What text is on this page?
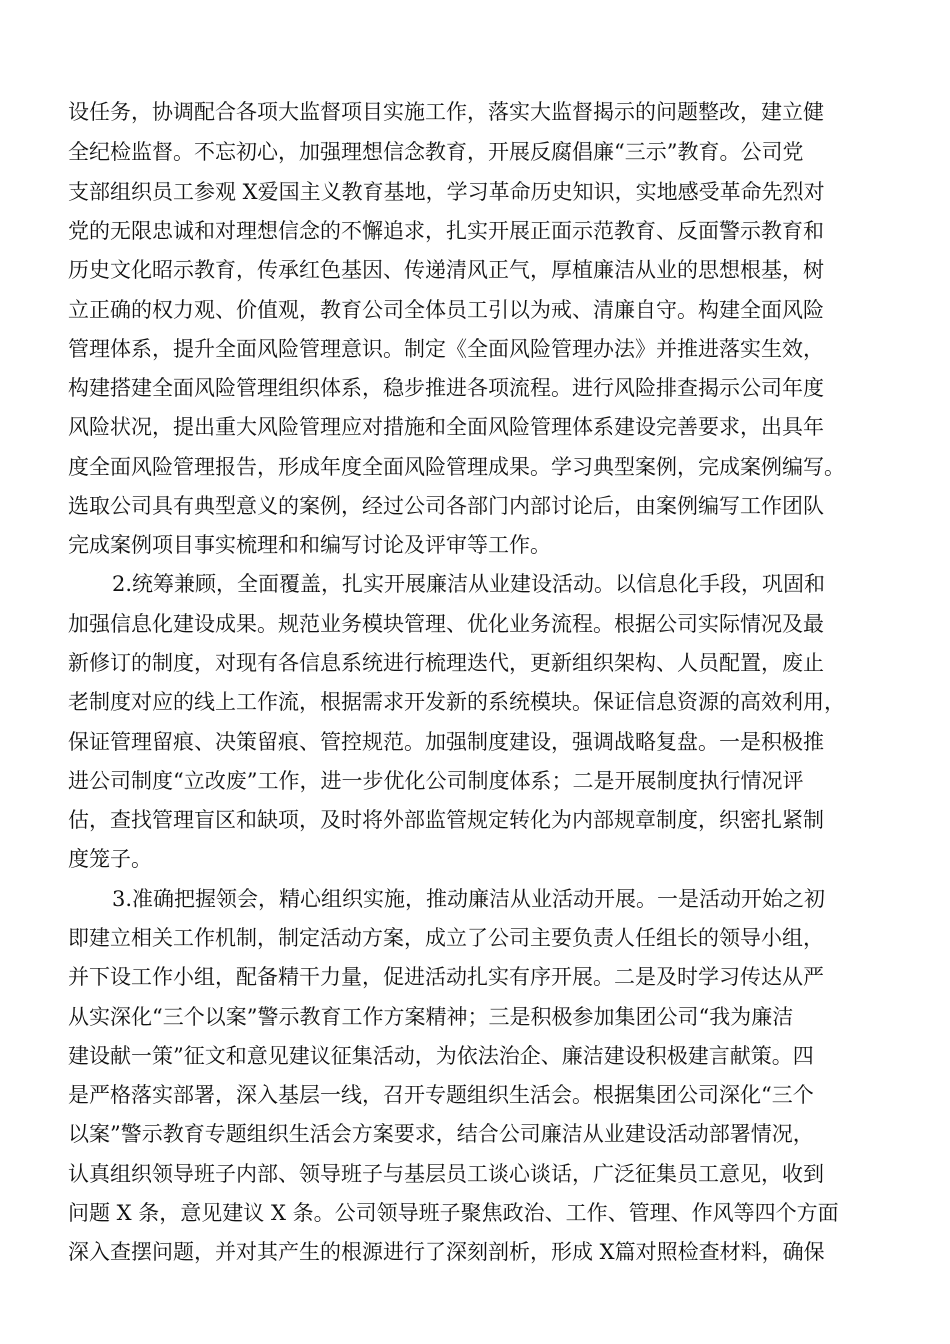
设任务，协调配合各项大监督项目实施工作，落实大监督揭示的问题整改，建立健
全纪检监督。不忘初心，加强理想信念教育，开展反腐倡廉“三示”教育。公司党
支部组织员工参观 X爱国主义教育基地，学习革命历史知识，实地感受革命先烈对
党的无限忠诚和对理想信念的不懈追求，扎实开展正面示范教育、反面警示教育和
历史文化昭示教育，传承红色基因、传递清风正气，厚植廉洁从业的思想根基，树
立正确的权力观、价值观，教育公司全体员工引以为戒、清廉自守。构建全面风险
管理体系，提升全面风险管理意识。制定《全面风险管理办法》并推进落实生效，
构建搭建全面风险管理组织体系，稳步推进各项流程。进行风险排查揭示公司年度
风险状况，提出重大风险管理应对措施和全面风险管理体系建设完善要求，出具年
度全面风险管理报告，形成年度全面风险管理成果。学习典型案例，完成案例编写。
选取公司具有典型意义的案例，经过公司各部门内部讨论后，由案例编写工作团队
完成案例项目事实梳理和和编写讨论及评审等工作。
2.统筹兼顾，全面覆盖，扎实开展廉洁从业建设活动。以信息化手段，巩固和
加强信息化建设成果。规范业务模块管理、优化业务流程。根据公司实际情况及最
新修订的制度，对现有各信息系统进行梳理迭代，更新组织架构、人员配置，废止
老制度对应的线上工作流，根据需求开发新的系统模块。保证信息资源的高效利用，
保证管理留痕、决策留痕、管控规范。加强制度建设，强调战略复盘。一是积极推
进公司制度“立改废”工作，进一步优化公司制度体系；二是开展制度执行情况评
估，查找管理盲区和缺项，及时将外部监管规定转化为内部规章制度，织密扎紧制
度笼子。
3.准确把握领会，精心组织实施，推动廉洁从业活动开展。一是活动开始之初
即建立相关工作机制，制定活动方案，成立了公司主要负责人任组长的领导小组，
并下设工作小组，配备精干力量，促进活动扎实有序开展。二是及时学习传达从严
从实深化“三个以案”警示教育工作方案精神；三是积极参加集团公司“我为廉洁
建设献一策”征文和意见建议征集活动，为依法治企、廉洁建设积极建言献策。四
是严格落实部署，深入基层一线，召开专题组织生活会。根据集团公司深化“三个
以案”警示教育专题组织生活会方案要求，结合公司廉洁从业建设活动部署情况，
认真组织领导班子内部、领导班子与基层员工谈心谈话，广泛征集员工意见，收到
问题 X 条，意见建议 X 条。公司领导班子聚焦政治、工作、管理、作风等四个方面
深入查摆问题，并对其产生的根源进行了深刻剖析，形成 X篇对照检查材料，确保
